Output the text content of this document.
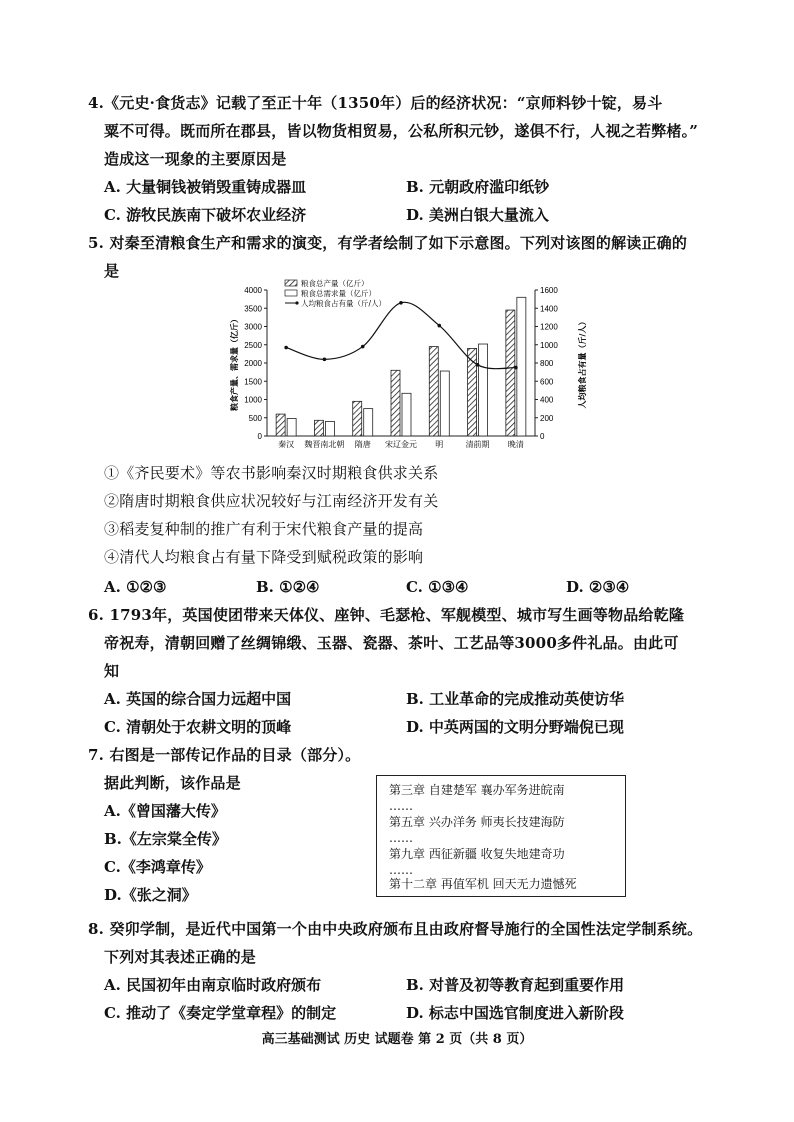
4.《元史·食货志》记载了至正十年（1350年）后的经济状况：“京师料钞十锭，易斗
粟不可得。既而所在郡县，皆以物货相贸易，公私所积元钞，遂俱不行，人视之若弊楮。”
造成这一现象的主要原因是
A. 大量铜钱被销毁重铸成器皿	B. 元朝政府滥印纸钞
C. 游牧民族南下破坏农业经济	D. 美洲白银大量流入
5. 对秦至清粮食生产和需求的演变，有学者绘制了如下示意图。下列对该图的解读正确的
是
0
500
1000
1500
2000
2500
3000
3500
4000
0
200
400
600
800
1000
1200
1400
1600
粮食产量、需求量（亿斤）	人均粮食占有量（斤/人）
秦汉 魏晋南北朝 隋唐 宋辽金元 明	清前期 晚清
粮食总产量（亿斤）
粮食总需求量（亿斤）
人均粮食占有量（斤/人）
①《齐民要术》等农书影响秦汉时期粮食供求关系
②隋唐时期粮食供应状况较好与江南经济开发有关
③稻麦复种制的推广有利于宋代粮食产量的提高
④清代人均粮食占有量下降受到赋税政策的影响
A. ①②③	B. ①②④	C. ①③④	D. ②③④
6. 1793年，英国使团带来天体仪、座钟、毛瑟枪、军舰模型、城市写生画等物品给乾隆
帝祝寿，清朝回赠了丝绸锦缎、玉器、瓷器、茶叶、工艺品等3000多件礼品。由此可
知
A. 英国的综合国力远超中国	B. 工业革命的完成推动英使访华
C. 清朝处于农耕文明的顶峰	D. 中英两国的文明分野端倪已现
7. 右图是一部传记作品的目录（部分）。
据此判断，该作品是
A.《曾国藩大传》
B.《左宗棠全传》
C.《李鸿章传》
D.《张之洞》
第三章 自建楚军 襄办军务进皖南
……
第五章 兴办洋务 师夷长技建海防
……
第九章 西征新疆 收复失地建奇功
……
第十二章 再值军机 回天无力遗憾死
8. 癸卯学制，是近代中国第一个由中央政府颁布且由政府督导施行的全国性法定学制系统。
下列对其表述正确的是
A. 民国初年由南京临时政府颁布	B. 对普及初等教育起到重要作用
C. 推动了《奏定学堂章程》的制定	D. 标志中国选官制度进入新阶段
高三基础测试 历史 试题卷 第 2 页（共 8 页）
